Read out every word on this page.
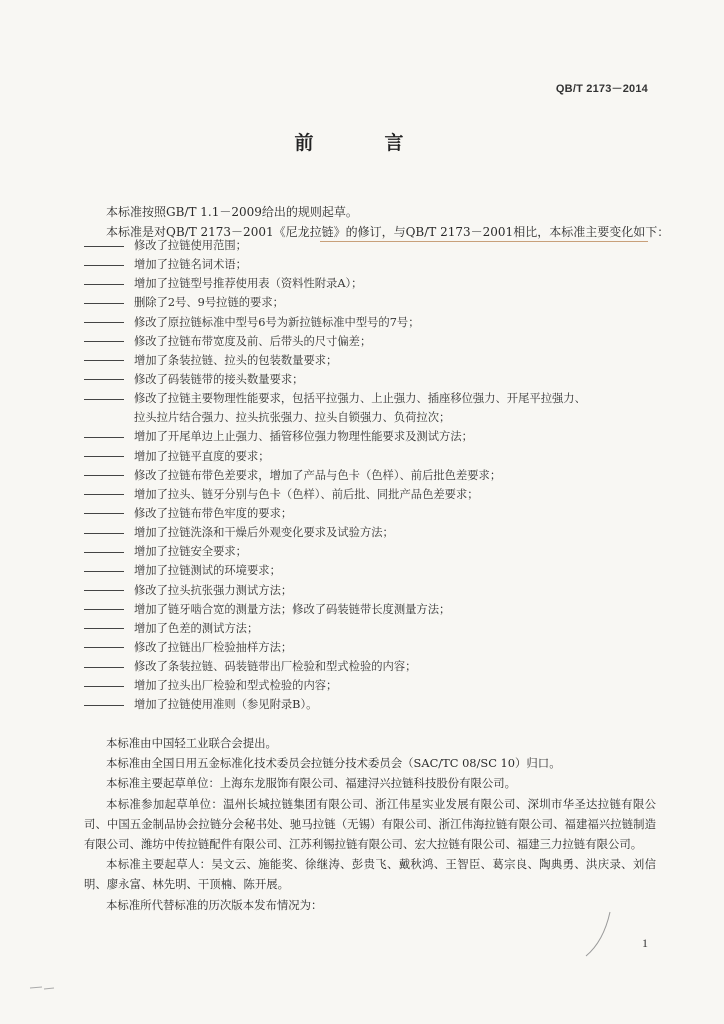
QB/T 2173－2014
前　言
本标准按照GB/T 1.1－2009给出的规则起草。
本标准是对QB/T 2173－2001《尼龙拉链》的修订，与QB/T 2173－2001相比，本标准主要变化如下：
修改了拉链使用范围；
增加了拉链名词术语；
增加了拉链型号推荐使用表（资料性附录A）；
删除了2号、9号拉链的要求；
修改了原拉链标准中型号6号为新拉链标准中型号的7号；
修改了拉链布带宽度及前、后带头的尺寸偏差；
增加了条装拉链、拉头的包装数量要求；
修改了码装链带的接头数量要求；
修改了拉链主要物理性能要求，包括平拉强力、上止强力、插座移位强力、开尾平拉强力、
拉头拉片结合强力、拉头抗张强力、拉头自锁强力、负荷拉次；
增加了开尾单边上止强力、插管移位强力物理性能要求及测试方法；
增加了拉链平直度的要求；
修改了拉链布带色差要求，增加了产品与色卡（色样）、前后批色差要求；
增加了拉头、链牙分别与色卡（色样）、前后批、同批产品色差要求；
修改了拉链布带色牢度的要求；
增加了拉链洗涤和干燥后外观变化要求及试验方法；
增加了拉链安全要求；
增加了拉链测试的环境要求；
修改了拉头抗张强力测试方法；
增加了链牙啮合宽的测量方法；修改了码装链带长度测量方法；
增加了色差的测试方法；
修改了拉链出厂检验抽样方法；
修改了条装拉链、码装链带出厂检验和型式检验的内容；
增加了拉头出厂检验和型式检验的内容；
增加了拉链使用准则（参见附录B）。
本标准由中国轻工业联合会提出。
本标准由全国日用五金标准化技术委员会拉链分技术委员会（SAC/TC 08/SC 10）归口。
本标准主要起草单位：上海东龙服饰有限公司、福建浔兴拉链科技股份有限公司。
本标准参加起草单位：温州长城拉链集团有限公司、浙江伟星实业发展有限公司、深圳市华圣达拉链有限公司、中国五金制品协会拉链分会秘书处、驰马拉链（无锡）有限公司、浙江伟海拉链有限公司、福建福兴拉链制造有限公司、潍坊中传拉链配件有限公司、江苏利锡拉链有限公司、宏大拉链有限公司、福建三力拉链有限公司。
本标准主要起草人：吴文云、施能奖、徐继涛、彭贵飞、戴秋鸿、王智臣、葛宗良、陶典勇、洪庆录、刘信明、廖永富、林先明、干顶楠、陈开展。
本标准所代替标准的历次版本发布情况为：
1
